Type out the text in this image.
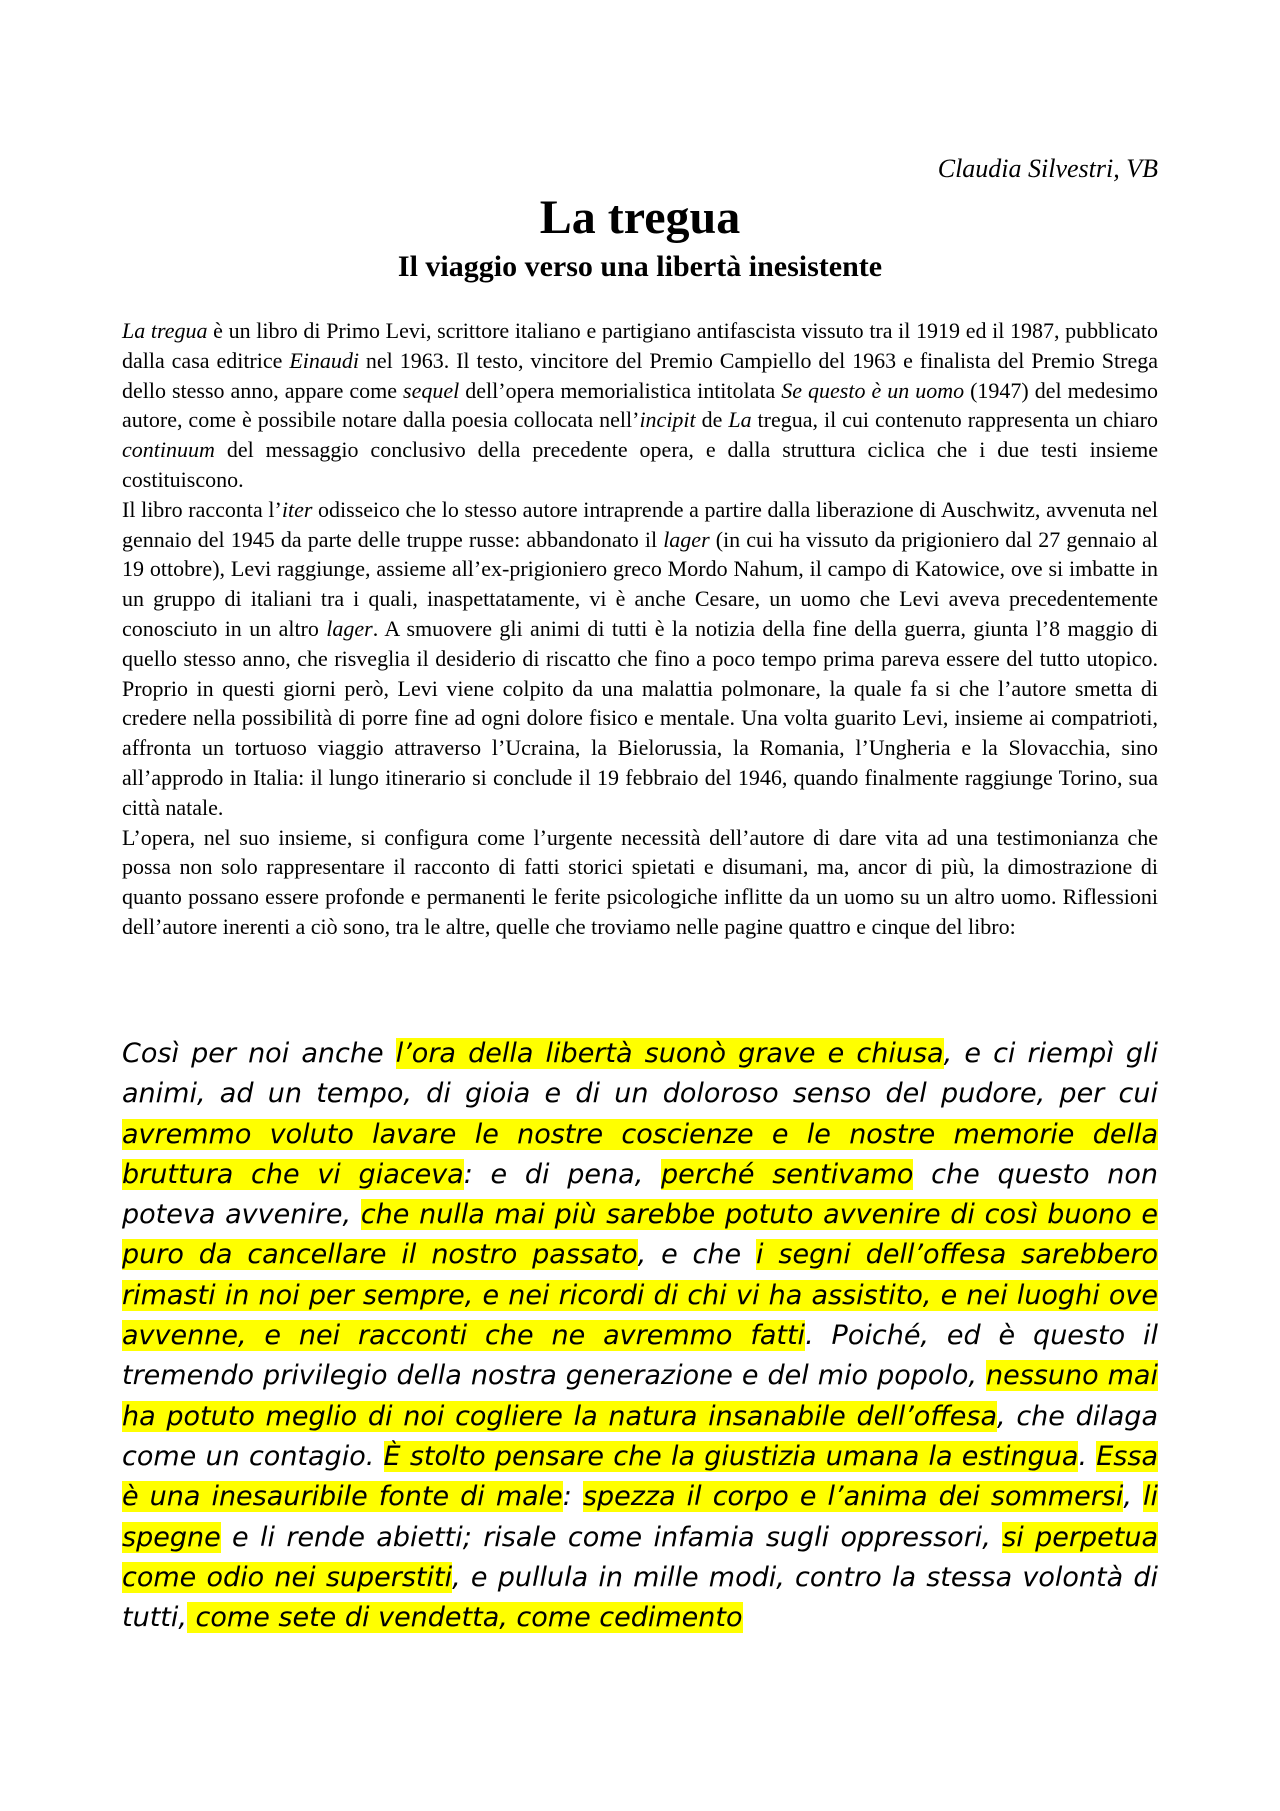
Claudia Silvestri, VB
La tregua
Il viaggio verso una libertà inesistente

La tregua è un libro di Primo Levi, scrittore italiano e partigiano antifascista vissuto tra il 1919 ed il 1987, pubblicato dalla casa editrice Einaudi nel 1963. Il testo, vincitore del Premio Campiello del 1963 e finalista del Premio Strega dello stesso anno, appare come sequel dell’opera memorialistica intitolata Se questo è un uomo (1947) del medesimo autore, come è possibile notare dalla poesia collocata nell’incipit de La tregua, il cui contenuto rappresenta un chiaro continuum del messaggio conclusivo della precedente opera, e dalla struttura ciclica che i due testi insieme costituiscono.

Il libro racconta l’iter odisseico che lo stesso autore intraprende a partire dalla liberazione di Auschwitz, avvenuta nel gennaio del 1945 da parte delle truppe russe: abbandonato il lager (in cui ha vissuto da prigioniero dal 27 gennaio al 19 ottobre), Levi raggiunge, assieme all’ex-prigioniero greco Mordo Nahum, il campo di Katowice, ove si imbatte in un gruppo di italiani tra i quali, inaspettatamente, vi è anche Cesare, un uomo che Levi aveva precedentemente conosciuto in un altro lager. A smuovere gli animi di tutti è la notizia della fine della guerra, giunta l’8 maggio di quello stesso anno, che risveglia il desiderio di riscatto che fino a poco tempo prima pareva essere del tutto utopico. Proprio in questi giorni però, Levi viene colpito da una malattia polmonare, la quale fa si che l’autore smetta di credere nella possibilità di porre fine ad ogni dolore fisico e mentale. Una volta guarito Levi, insieme ai compatrioti, affronta un tortuoso viaggio attraverso l’Ucraina, la Bielorussia, la Romania, l’Ungheria e la Slovacchia, sino all’approdo in Italia: il lungo itinerario si conclude il 19 febbraio del 1946, quando finalmente raggiunge Torino, sua città natale.

L’opera, nel suo insieme, si configura come l’urgente necessità dell’autore di dare vita ad una testimonianza che possa non solo rappresentare il racconto di fatti storici spietati e disumani, ma, ancor di più, la dimostrazione di quanto possano essere profonde e permanenti le ferite psicologiche inflitte da un uomo su un altro uomo. Riflessioni dell’autore inerenti a ciò sono, tra le altre, quelle che troviamo nelle pagine quattro e cinque del libro:

Così per noi anche l’ora della libertà suonò grave e chiusa, e ci riempì gli animi, ad un tempo, di gioia e di un doloroso senso del pudore, per cui avremmo voluto lavare le nostre coscienze e le nostre memorie della bruttura che vi giaceva: e di pena, perché sentivamo che questo non poteva avvenire, che nulla mai più sarebbe potuto avvenire di così buono e puro da cancellare il nostro passato, e che i segni dell’offesa sarebbero rimasti in noi per sempre, e nei ricordi di chi vi ha assistito, e nei luoghi ove avvenne, e nei racconti che ne avremmo fatti. Poiché, ed è questo il tremendo privilegio della nostra generazione e del mio popolo, nessuno mai ha potuto meglio di noi cogliere la natura insanabile dell’offesa, che dilaga come un contagio. È stolto pensare che la giustizia umana la estingua. Essa è una inesauribile fonte di male: spezza il corpo e l’anima dei sommersi, li spegne e li rende abietti; risale come infamia sugli oppressori, si perpetua come odio nei superstiti, e pullula in mille modi, contro la stessa volontà di tutti, come sete di vendetta, come cedimento
